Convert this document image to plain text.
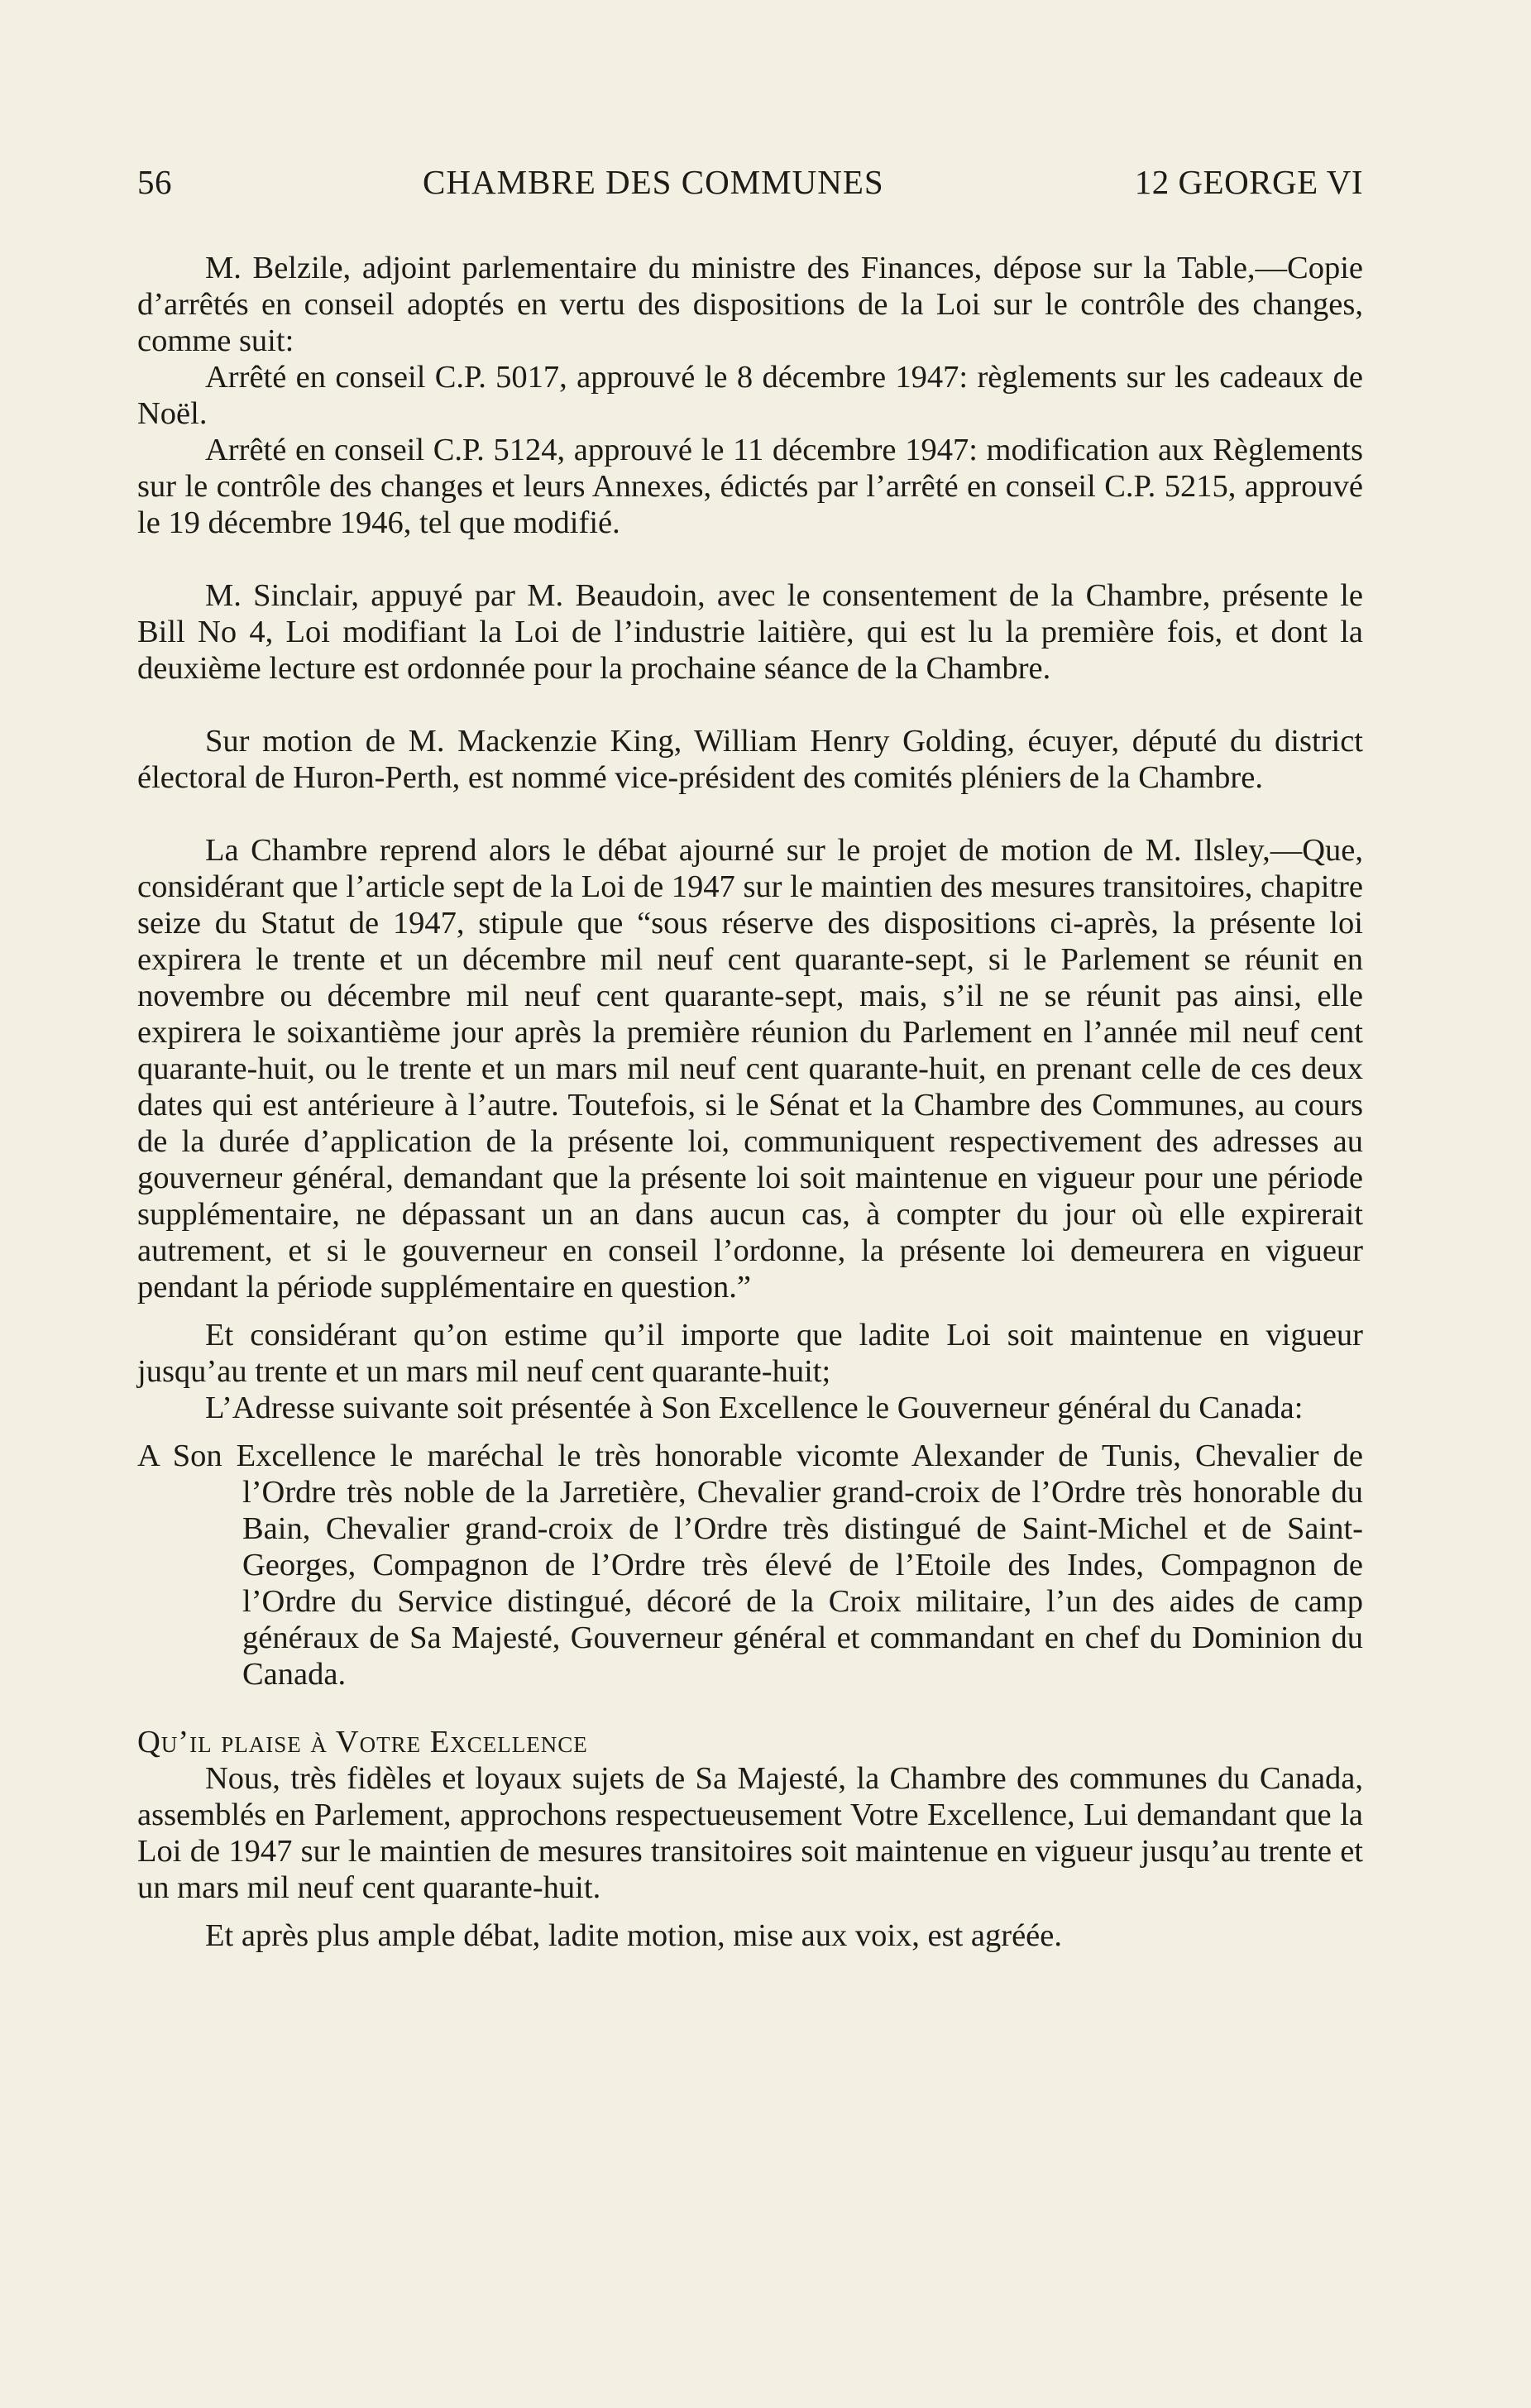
56	CHAMBRE DES COMMUNES	12 GEORGE VI

M. Belzile, adjoint parlementaire du ministre des Finances, dépose sur la Table,—Copie d’arrêtés en conseil adoptés en vertu des dispositions de la Loi sur le contrôle des changes, comme suit:

Arrêté en conseil C.P. 5017, approuvé le 8 décembre 1947: règlements sur les cadeaux de Noël.

Arrêté en conseil C.P. 5124, approuvé le 11 décembre 1947: modification aux Règlements sur le contrôle des changes et leurs Annexes, édictés par l’arrêté en conseil C.P. 5215, approuvé le 19 décembre 1946, tel que modifié.

M. Sinclair, appuyé par M. Beaudoin, avec le consentement de la Chambre, présente le Bill No 4, Loi modifiant la Loi de l’industrie laitière, qui est lu la première fois, et dont la deuxième lecture est ordonnée pour la prochaine séance de la Chambre.

Sur motion de M. Mackenzie King, William Henry Golding, écuyer, député du district électoral de Huron-Perth, est nommé vice-président des comités pléniers de la Chambre.

La Chambre reprend alors le débat ajourné sur le projet de motion de M. Ilsley,—Que, considérant que l’article sept de la Loi de 1947 sur le maintien des mesures transitoires, chapitre seize du Statut de 1947, stipule que “sous réserve des dispositions ci-après, la présente loi expirera le trente et un décembre mil neuf cent quarante-sept, si le Parlement se réunit en novembre ou décembre mil neuf cent quarante-sept, mais, s’il ne se réunit pas ainsi, elle expirera le soixantième jour après la première réunion du Parlement en l’année mil neuf cent quarante-huit, ou le trente et un mars mil neuf cent quarante-huit, en prenant celle de ces deux dates qui est antérieure à l’autre. Toutefois, si le Sénat et la Chambre des Communes, au cours de la durée d’application de la présente loi, communiquent respectivement des adresses au gouverneur général, demandant que la présente loi soit maintenue en vigueur pour une période supplémentaire, ne dépassant un an dans aucun cas, à compter du jour où elle expirerait autrement, et si le gouverneur en conseil l’ordonne, la présente loi demeurera en vigueur pendant la période supplémentaire en question.”

Et considérant qu’on estime qu’il importe que ladite Loi soit maintenue en vigueur jusqu’au trente et un mars mil neuf cent quarante-huit;

L’Adresse suivante soit présentée à Son Excellence le Gouverneur général du Canada:

A Son Excellence le maréchal le très honorable vicomte Alexander de Tunis, Chevalier de l’Ordre très noble de la Jarretière, Chevalier grand-croix de l’Ordre très honorable du Bain, Chevalier grand-croix de l’Ordre très distingué de Saint-Michel et de Saint-Georges, Compagnon de l’Ordre très élevé de l’Etoile des Indes, Compagnon de l’Ordre du Service distingué, décoré de la Croix militaire, l’un des aides de camp généraux de Sa Majesté, Gouverneur général et commandant en chef du Dominion du Canada.

Qu’il plaise à Votre Excellence

Nous, très fidèles et loyaux sujets de Sa Majesté, la Chambre des communes du Canada, assemblés en Parlement, approchons respectueusement Votre Excellence, Lui demandant que la Loi de 1947 sur le maintien de mesures transitoires soit maintenue en vigueur jusqu’au trente et un mars mil neuf cent quarante-huit.

Et après plus ample débat, ladite motion, mise aux voix, est agréée.
